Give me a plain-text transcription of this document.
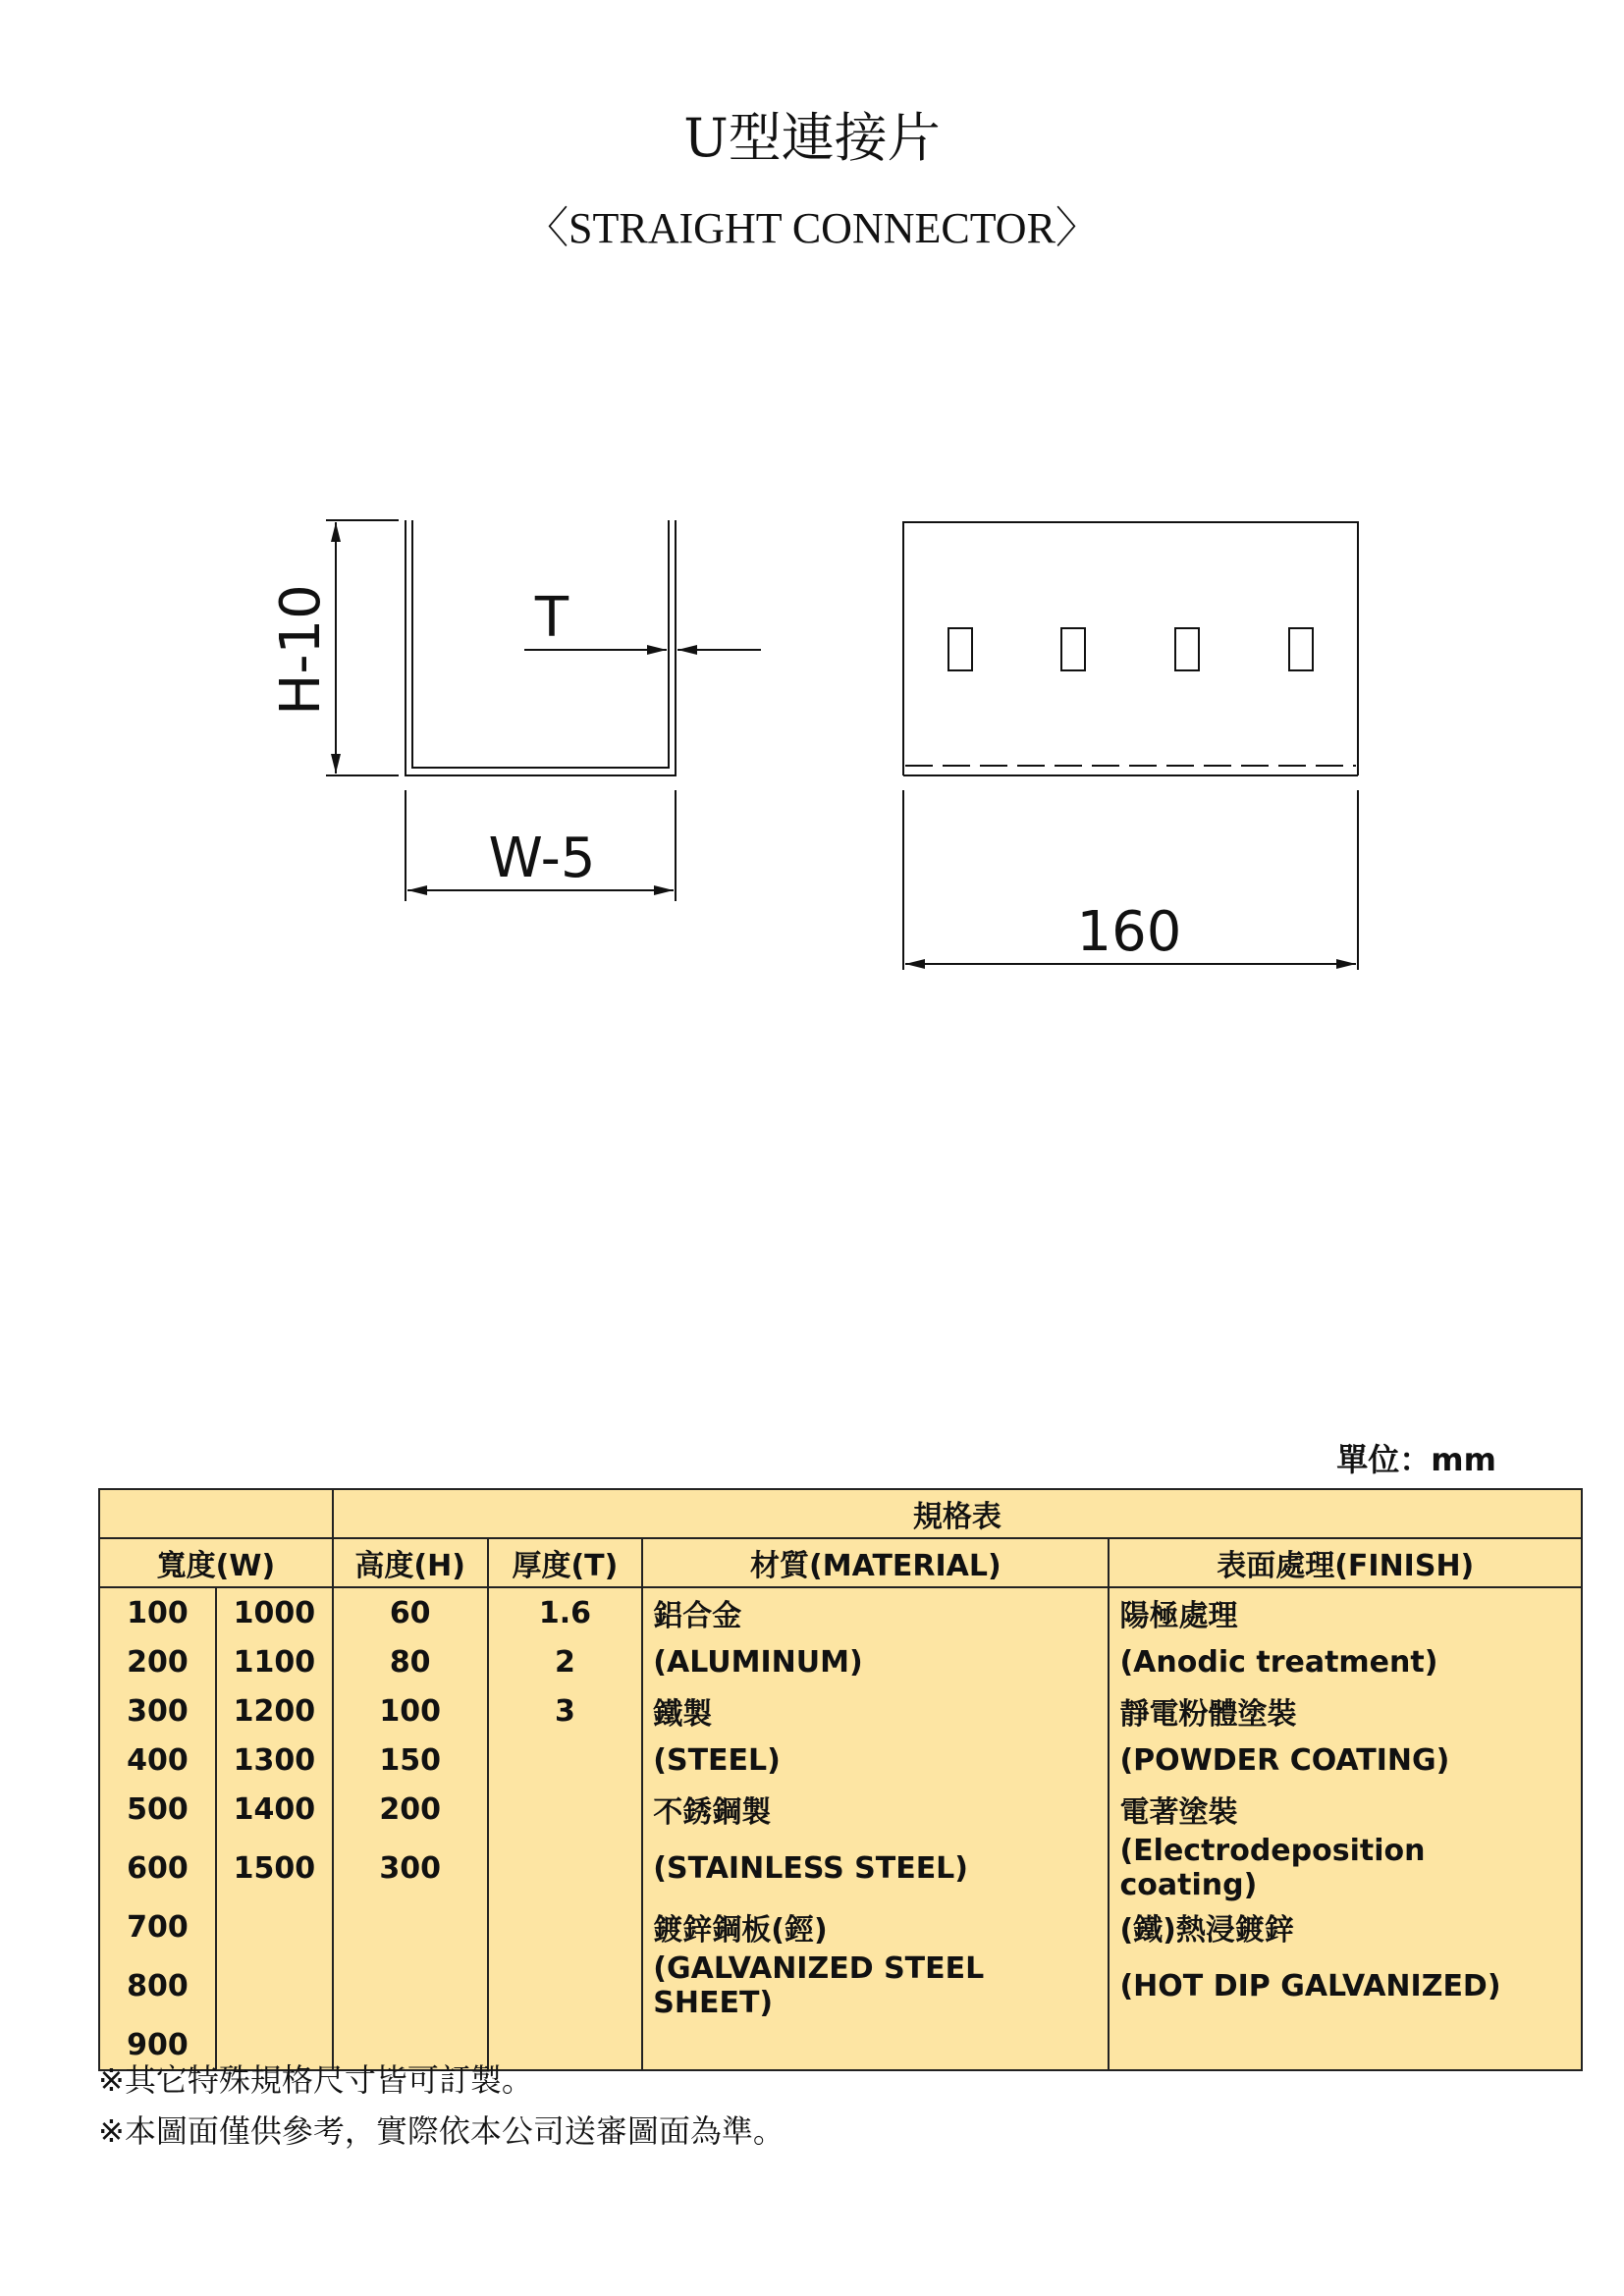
U型連接片
〈STRAIGHT CONNECTOR〉
H-10	T
W-5
160
單位：mm
		規格表			
寬度(W)		高度(H)	厚度(T)	材質(MATERIAL)	表面處理(FINISH)
100	1000	60	1.6	鋁合金	陽極處理
200	1100	80	2	(ALUMINUM)	(Anodic treatment)
300	1200	100	3	鐵製	靜電粉體塗裝
400	1300	150		(STEEL)	(POWDER COATING)
500	1400	200		不銹鋼製	電著塗裝
600	1500	300		(STAINLESS STEEL)	(Electrodeposition coating)
700				鍍鋅鋼板(鋞)	(鐵)熱浸鍍鋅
800				(GALVANIZED STEEL SHEET)	(HOT DIP GALVANIZED)
900					
※其它特殊規格尺寸皆可訂製。
※本圖面僅供參考，實際依本公司送審圖面為準。
